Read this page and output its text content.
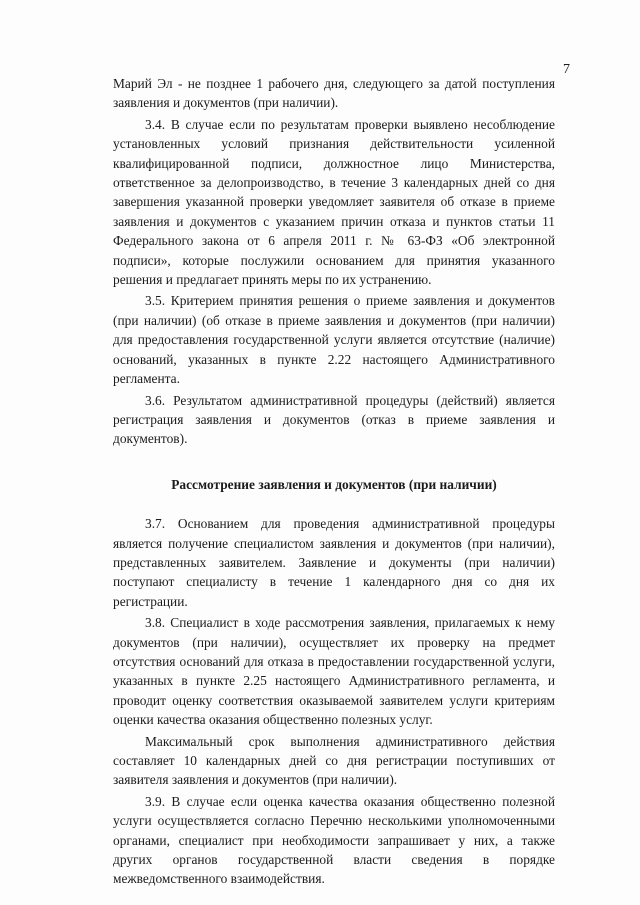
7

Марий Эл - не позднее 1 рабочего дня, следующего за датой поступления заявления и документов (при наличии).

3.4. В случае если по результатам проверки выявлено несоблюдение установленных условий признания действительности усиленной квалифицированной подписи, должностное лицо Министерства, ответственное за делопроизводство, в течение 3 календарных дней со дня завершения указанной проверки уведомляет заявителя об отказе в приеме заявления и документов с указанием причин отказа и пунктов статьи 11 Федерального закона от 6 апреля 2011 г. № 63-ФЗ «Об электронной подписи», которые послужили основанием для принятия указанного решения и предлагает принять меры по их устранению.

3.5. Критерием принятия решения о приеме заявления и документов (при наличии) (об отказе в приеме заявления и документов (при наличии) для предоставления государственной услуги является отсутствие (наличие) оснований, указанных в пункте 2.22 настоящего Административного регламента.

3.6. Результатом административной процедуры (действий) является регистрация заявления и документов (отказ в приеме заявления и документов).

Рассмотрение заявления и документов (при наличии)

3.7. Основанием для проведения административной процедуры является получение специалистом заявления и документов (при наличии), представленных заявителем. Заявление и документы (при наличии) поступают специалисту в течение 1 календарного дня со дня их регистрации.

3.8. Специалист в ходе рассмотрения заявления, прилагаемых к нему документов (при наличии), осуществляет их проверку на предмет отсутствия оснований для отказа в предоставлении государственной услуги, указанных в пункте 2.25 настоящего Административного регламента, и проводит оценку соответствия оказываемой заявителем услуги критериям оценки качества оказания общественно полезных услуг.

Максимальный срок выполнения административного действия составляет 10 календарных дней со дня регистрации поступивших от заявителя заявления и документов (при наличии).

3.9. В случае если оценка качества оказания общественно полезной услуги осуществляется согласно Перечню несколькими уполномоченными органами, специалист при необходимости запрашивает у них, а также других органов государственной власти сведения в порядке межведомственного взаимодействия.
